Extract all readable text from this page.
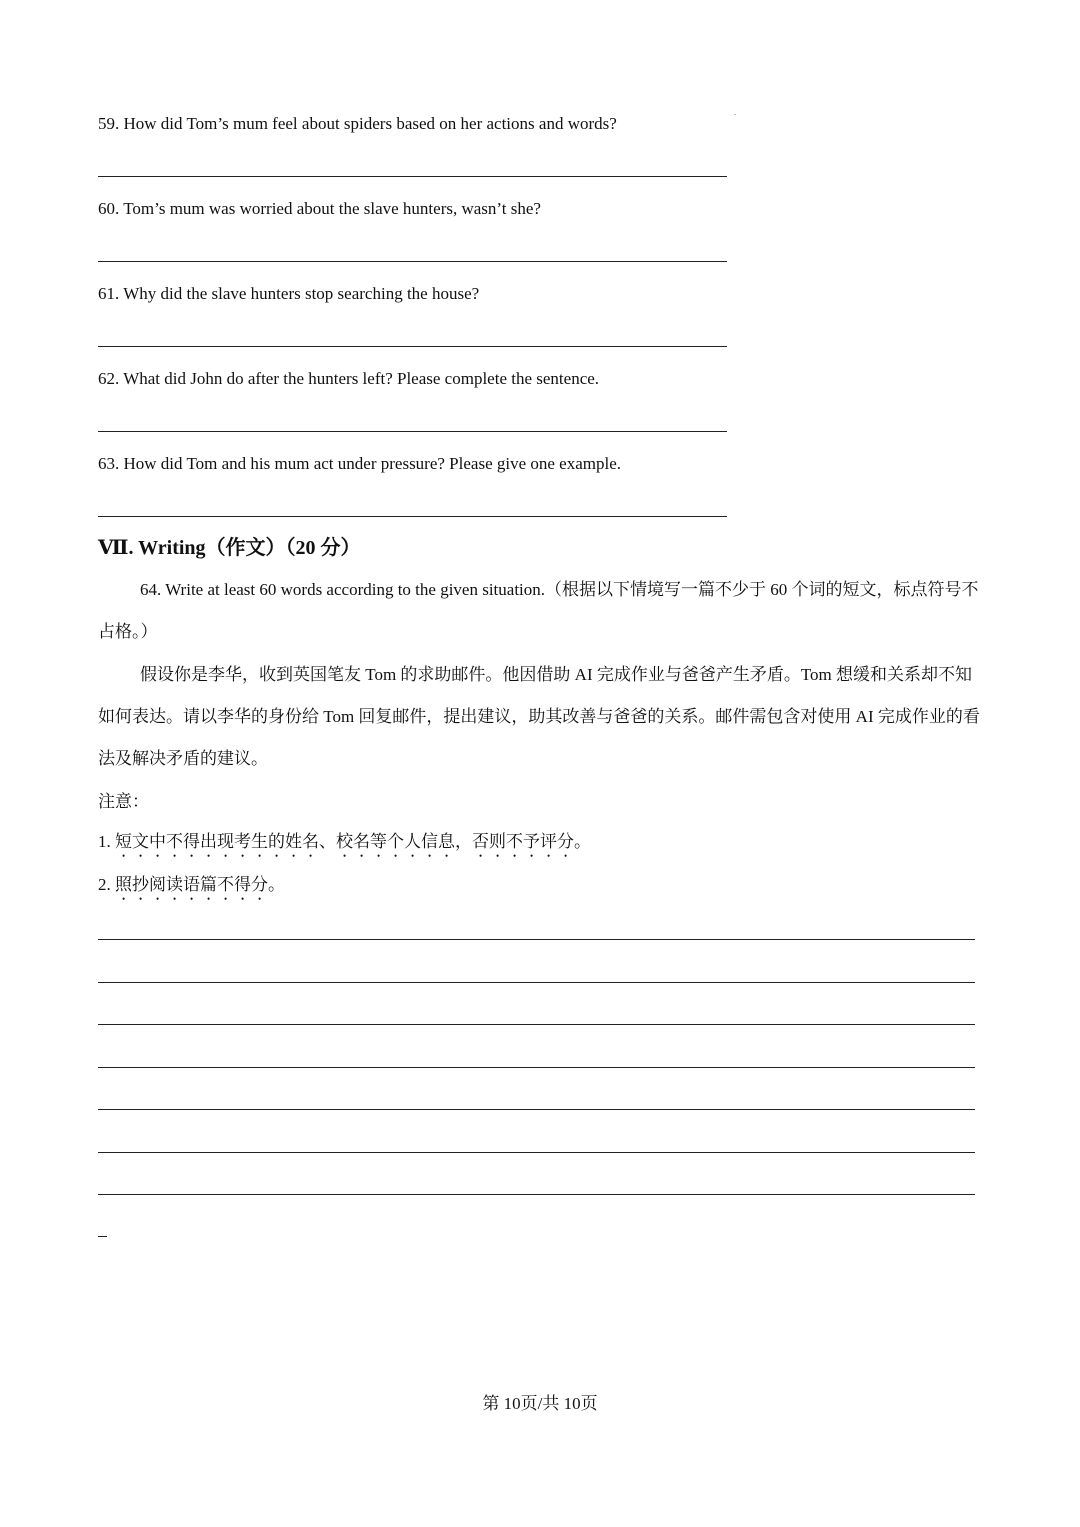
59. How did Tom’s mum feel about spiders based on her actions and words?
60. Tom’s mum was worried about the slave hunters, wasn’t she?
61. Why did the slave hunters stop searching the house?
62. What did John do after the hunters left? Please complete the sentence.
63. How did Tom and his mum act under pressure? Please give one example.
Ⅶ. Writing（作文）（20 分）
64. Write at least 60 words according to the given situation.（根据以下情境写一篇不少于 60 个词的短文，标点符号不占格。）
假设你是李华，收到英国笔友 Tom 的求助邮件。他因借助 AI 完成作业与爸爸产生矛盾。Tom 想缓和关系却不知如何表达。请以李华的身份给 Tom 回复邮件，提出建议，助其改善与爸爸的关系。邮件需包含对使用 AI 完成作业的看法及解决矛盾的建议。
注意：
1. 短文中不得出现考生的姓名、校名等个人信息，否则不予评分。
2. 照抄阅读语篇不得分。
第 10页/共 10页
